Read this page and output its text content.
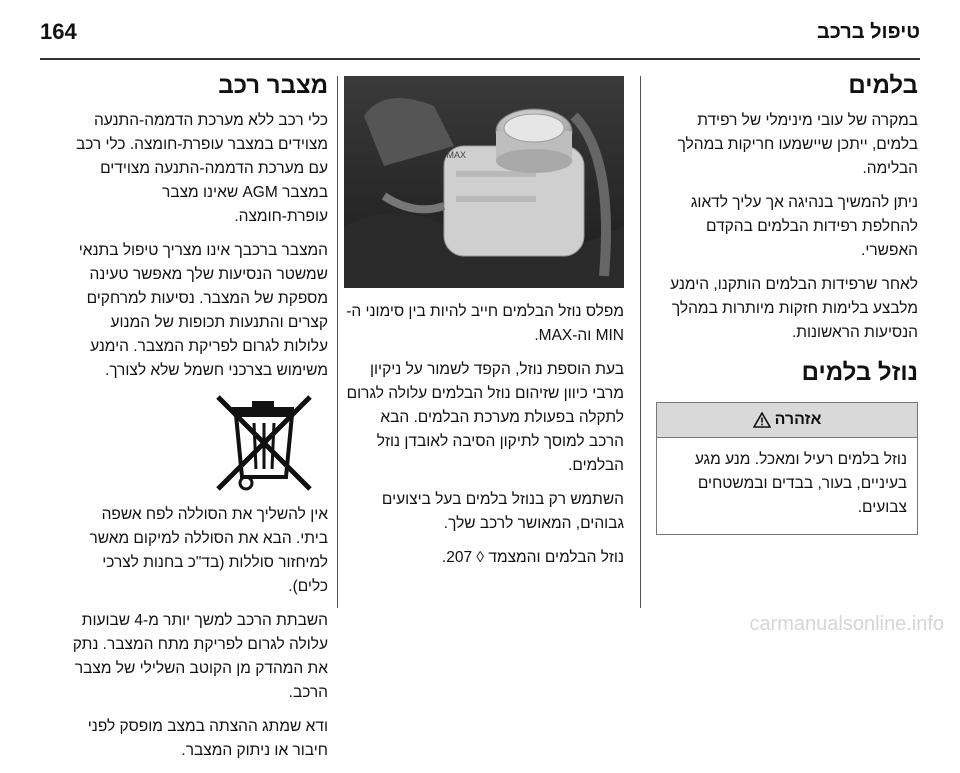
164	טיפול ברכב
בלמים

במקרה של עובי מינימלי של רפידת בלמים, ייתכן שיישמעו חריקות במהלך הבלימה.

ניתן להמשיך בנהיגה אך עליך לדאוג להחלפת רפידות הבלמים בהקדם האפשרי.

לאחר שרפידות הבלמים הותקנו, הימנע מלבצע בלימות חזקות מיותרות במהלך הנסיעות הראשונות.

נוזל בלמים
אזהרה

נוזל בלמים רעיל ומאכל. מנע מגע בעיניים, בעור, בבדים ובמשטחים צבועים.

MAX

מפלס נוזל הבלמים חייב להיות בין סימוני ה-MIN וה-MAX.

בעת הוספת נוזל, הקפד לשמור על ניקיון מרבי כיוון שזיהום נוזל הבלמים עלולה לגרום לתקלה בפעולת מערכת הבלמים. הבא הרכב למוסך לתיקון הסיבה לאובדן נוזל הבלמים.

השתמש רק בנוזל בלמים בעל ביצועים גבוהים, המאושר לרכב שלך.

נוזל הבלמים והמצמד ◊ 207.

מצבר רכב

כלי רכב ללא מערכת הדממה-התנעה מצוידים במצבר עופרת-חומצה. כלי רכב עם מערכת הדממה-התנעה מצוידים במצבר AGM שאינו מצבר עופרת-חומצה.

המצבר ברכבך אינו מצריך טיפול בתנאי שמשטר הנסיעות שלך מאפשר טעינה מספקת של המצבר. נסיעות למרחקים קצרים והתנעות תכופות של המנוע עלולות לגרום לפריקת המצבר. הימנע משימוש בצרכני חשמל שלא לצורך.

אין להשליך את הסוללה לפח אשפה ביתי. הבא את הסוללה למיקום מאשר למיחזור סוללות (בד"כ בחנות לצרכי כלים).

השבתת הרכב למשך יותר מ-4 שבועות עלולה לגרום לפריקת מתח המצבר. נתק את המהדק מן הקוטב השלילי של מצבר הרכב.

ודא שמתג ההצתה במצב מופסק לפני חיבור או ניתוק המצבר.

carmanualsonline.info
